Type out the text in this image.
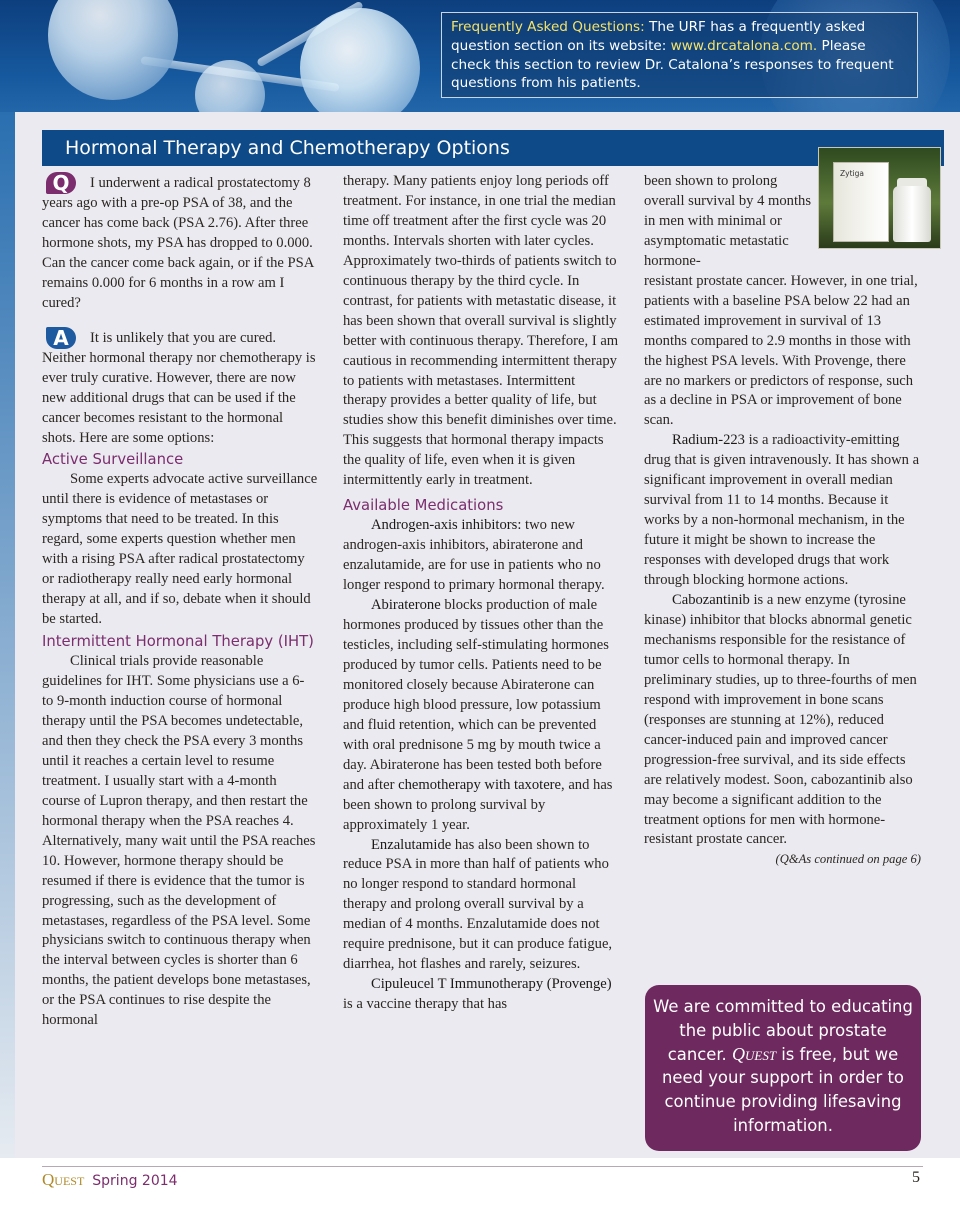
Frequently Asked Questions: The URF has a frequently asked question section on its website: www.drcatalona.com. Please check this section to review Dr. Catalona’s responses to frequent questions from his patients.
Hormonal Therapy and Chemotherapy Options
Zytiga

Q I underwent a radical prostatectomy 8 years ago with a pre-op PSA of 38, and the cancer has come back (PSA 2.76). After three hormone shots, my PSA has dropped to 0.000. Can the cancer come back again, or if the PSA remains 0.000 for 6 months in a row am I cured?

A It is unlikely that you are cured. Neither hormonal therapy nor chemotherapy is ever truly curative. However, there are now new additional drugs that can be used if the cancer becomes resistant to the hormonal shots. Here are some options:

Active Surveillance

Some experts advocate active surveillance until there is evidence of metastases or symptoms that need to be treated. In this regard, some experts question whether men with a rising PSA after radical prostatectomy or radiotherapy really need early hormonal therapy at all, and if so, debate when it should be started.

Intermittent Hormonal Therapy (IHT)

Clinical trials provide reasonable guidelines for IHT. Some physicians use a 6- to 9-month induction course of hormonal therapy until the PSA becomes undetectable, and then they check the PSA every 3 months until it reaches a certain level to resume treatment. I usually start with a 4-month course of Lupron therapy, and then restart the hormonal therapy when the PSA reaches 4. Alternatively, many wait until the PSA reaches 10. However, hormone therapy should be resumed if there is evidence that the tumor is progressing, such as the development of metastases, regardless of the PSA level. Some physicians switch to continuous therapy when the interval between cycles is shorter than 6 months, the patient develops bone metastases, or the PSA continues to rise despite the hormonal

therapy. Many patients enjoy long periods off treatment. For instance, in one trial the median time off treatment after the first cycle was 20 months. Intervals shorten with later cycles. Approximately two-thirds of patients switch to continuous therapy by the third cycle. In contrast, for patients with metastatic disease, it has been shown that overall survival is slightly better with continuous therapy. Therefore, I am cautious in recommending intermittent therapy to patients with metastases. Intermittent therapy provides a better quality of life, but studies show this benefit diminishes over time. This suggests that hormonal therapy impacts the quality of life, even when it is given intermittently early in treatment.

Available Medications

Androgen-axis inhibitors: two new androgen-axis inhibitors, abiraterone and enzalutamide, are for use in patients who no longer respond to primary hormonal therapy.

Abiraterone blocks production of male hormones produced by tissues other than the testicles, including self-stimulating hormones produced by tumor cells. Patients need to be monitored closely because Abiraterone can produce high blood pressure, low potassium and fluid retention, which can be prevented with oral prednisone 5 mg by mouth twice a day. Abiraterone has been tested both before and after chemotherapy with taxotere, and has been shown to prolong survival by approximately 1 year.

Enzalutamide has also been shown to reduce PSA in more than half of patients who no longer respond to standard hormonal therapy and prolong overall survival by a median of 4 months. Enzalutamide does not require prednisone, but it can produce fatigue, diarrhea, hot flashes and rarely, seizures.

Cipuleucel T Immunotherapy (Provenge) is a vaccine therapy that has

been shown to prolong overall survival by 4 months in men with minimal or asymptomatic metastatic hormone-

resistant prostate cancer. However, in one trial, patients with a baseline PSA below 22 had an estimated improvement in survival of 13 months compared to 2.9 months in those with the highest PSA levels. With Provenge, there are no markers or predictors of response, such as a decline in PSA or improvement of bone scan.

Radium-223 is a radioactivity-emitting drug that is given intravenously. It has shown a significant improvement in overall median survival from 11 to 14 months. Because it works by a non-hormonal mechanism, in the future it might be shown to increase the responses with developed drugs that work through blocking hormone actions.

Cabozantinib is a new enzyme (tyrosine kinase) inhibitor that blocks abnormal genetic mechanisms responsible for the resistance of tumor cells to hormonal therapy. In preliminary studies, up to three-fourths of men respond with improvement in bone scans (responses are stunning at 12%), reduced cancer-induced pain and improved cancer progression-free survival, and its side effects are relatively modest. Soon, cabozantinib also may become a significant addition to the treatment options for men with hormone-resistant prostate cancer.

(Q&As continued on page 6)

We are committed to educating the public about prostate cancer. Quest is free, but we need your support in order to continue providing lifesaving information.
Quest Spring 2014	5
